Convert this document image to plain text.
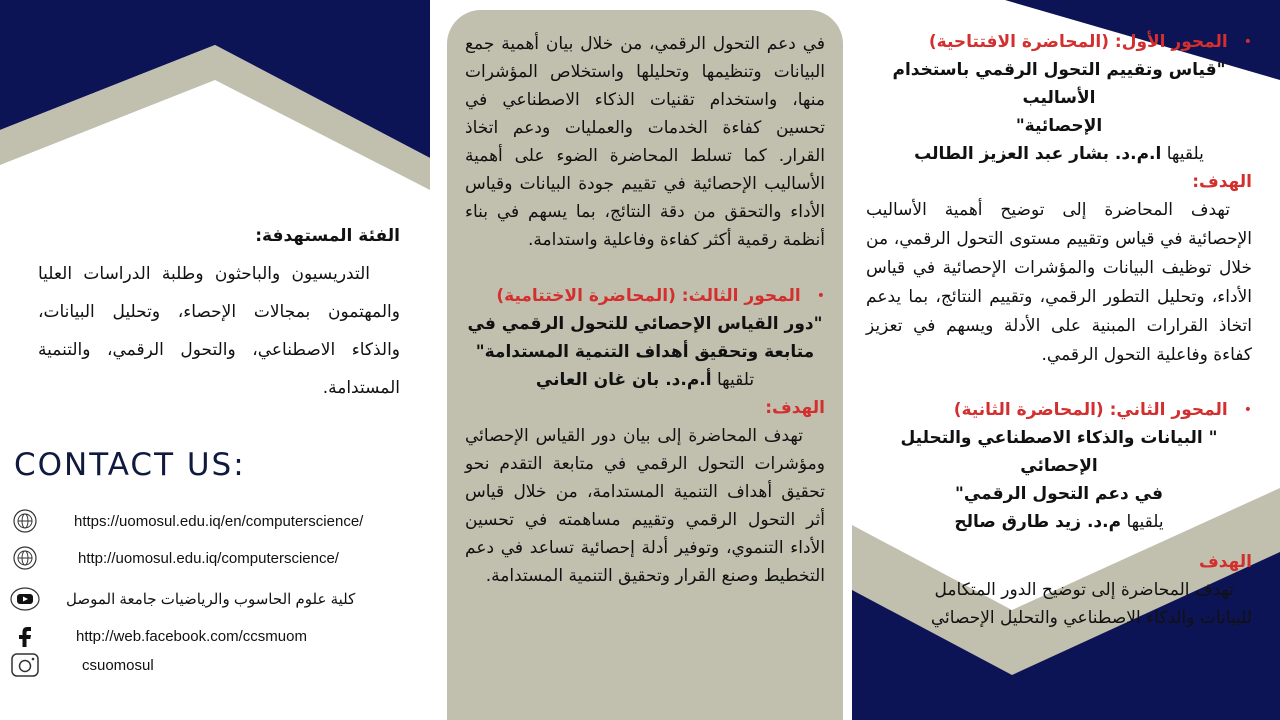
•
المحور الأول: (المحاضرة الافتتاحية)
"قياس وتقييم التحول الرقمي باستخدام الأساليب
الإحصائية"
يلقيها ا.م.د. بشار عبد العزيز الطالب
الهدف:

تهدف المحاضرة إلى توضيح أهمية الأساليب الإحصائية في قياس وتقييم مستوى التحول الرقمي، من خلال توظيف البيانات والمؤشرات الإحصائية في قياس الأداء، وتحليل التطور الرقمي، وتقييم النتائج، بما يدعم اتخاذ القرارات المبنية على الأدلة ويسهم في تعزيز كفاءة وفاعلية التحول الرقمي.

•
المحور الثاني: (المحاضرة الثانية)
" البيانات والذكاء الاصطناعي والتحليل الإحصائي
في دعم التحول الرقمي"
يلقيها م.د. زيد طارق صالح
الهدف
تهدف المحاضرة إلى توضيح الدور المتكامل
للبيانات والذكاء الاصطناعي والتحليل الإحصائي

في دعم التحول الرقمي، من خلال بيان أهمية جمع البيانات وتنظيمها وتحليلها واستخلاص المؤشرات منها، واستخدام تقنيات الذكاء الاصطناعي في تحسين كفاءة الخدمات والعمليات ودعم اتخاذ القرار. كما تسلط المحاضرة الضوء على أهمية الأساليب الإحصائية في تقييم جودة البيانات وقياس الأداء والتحقق من دقة النتائج، بما يسهم في بناء أنظمة رقمية أكثر كفاءة وفاعلية واستدامة.

•
المحور الثالث: (المحاضرة الاختتامية)
"دور القياس الإحصائي للتحول الرقمي في
متابعة وتحقيق أهداف التنمية المستدامة"
تلقيها أ.م.د. بان غان العاني
الهدف:

تهدف المحاضرة إلى بيان دور القياس الإحصائي ومؤشرات التحول الرقمي في متابعة التقدم نحو تحقيق أهداف التنمية المستدامة، من خلال قياس أثر التحول الرقمي وتقييم مساهمته في تحسين الأداء التنموي، وتوفير أدلة إحصائية تساعد في دعم التخطيط وصنع القرار وتحقيق التنمية المستدامة.

الفئة المستهدفة:

التدريسيون والباحثون وطلبة الدراسات العليا والمهتمون بمجالات الإحصاء، وتحليل البيانات، والذكاء الاصطناعي، والتحول الرقمي، والتنمية المستدامة.

CONTACT US:
https://uomosul.edu.iq/en/computerscience/
http://uomosul.edu.iq/computerscience/
كلية علوم الحاسوب والرياضيات جامعة الموصل
http://web.facebook.com/ccsmuom
csuomosul
